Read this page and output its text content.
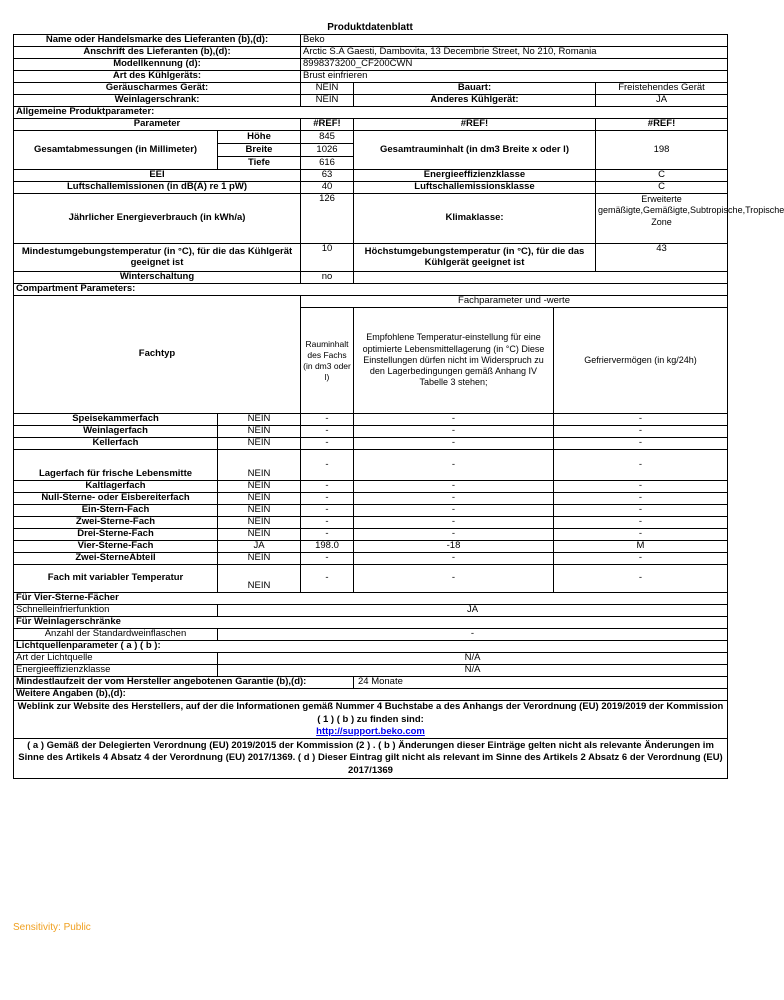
Produktdatenblatt
Name oder Handelsmarke des Lieferanten (b),(d):		Beko				
Anschrift des Lieferanten (b),(d):		Arctic S.A Gaesti, Dambovita, 13 Decembrie Street, No 210, Romania				
Modellkennung (d):		8998373200_CF200CWN				
Art des Kühlgeräts:		Brust einfrieren				
Geräuscharmes Gerät:		NEIN	Bauart:		Freistehendes Gerät	
Weinlagerschrank:		NEIN	Anderes Kühlgerät:		JA	
Allgemeine Produktparameter:						
Parameter		#REF!	#REF!		#REF!	
Gesamtabmessungen (in Millimeter)	Höhe	845	Gesamtrauminhalt (in dm3 Breite x oder l)		198	
	Breite	1026				
	Tiefe	616				
EEI		63	Energieeffizienzklasse		C	
Luftschallemissionen (in dB(A) re 1 pW)		40	Luftschallemissionsklasse		C	
Jährlicher Energieverbrauch (in kWh/a)		126	Klimaklasse:		Erweiterte gemäßigte,Gemäßigte,Subtropische,Tropische Zone	
Mindestumgebungstemperatur (in °C), für die das Kühlgerät geeignet ist		10	Höchstumgebungstemperatur (in °C), für die das Kühlgerät geeignet ist		43	
Winterschaltung		no				
Compartment Parameters:						
Fachtyp		Fachparameter und -werte				
		Rauminhalt des Fachs (in dm3 oder l)	Empfohlene Temperatur-einstellung für eine optimierte Lebensmittellagerung (in °C) Diese Einstellungen dürfen nicht im Widerspruch zu den Lagerbedingungen gemäß Anhang IV Tabelle 3 stehen;	Gefriervermögen (in kg/24h)	
Speisekammerfach	NEIN	-	-	-		
Weinlagerfach	NEIN	-	-	-		
Kellerfach	NEIN	-	-	-		
Lagerfach für frische Lebensmitte	NEIN	-	-	-		
Kaltlagerfach	NEIN	-	-	-		
Null-Sterne- oder Eisbereiterfach	NEIN	-	-	-		
Ein-Stern-Fach	NEIN	-	-	-		
Zwei-Sterne-Fach	NEIN	-	-	-		
Drei-Sterne-Fach	NEIN	-	-	-		
Vier-Sterne-Fach	JA	198.0	-18	M		
Zwei-SterneAbteil	NEIN	-	-	-		
Fach mit variabler Temperatur	NEIN	-	-	-		
Für Vier-Sterne-Fächer						
Schnelleinfrierfunktion	JA					
Für Weinlagerschränke						
Anzahl der Standardweinflaschen	-					
Lichtquellenparameter ( a ) ( b ):						
Art der Lichtquelle	N/A					
Energieeffizienzklasse	N/A					
Mindestlaufzeit der vom Hersteller angebotenen Garantie (b),(d):			24 Monate			
Weitere Angaben (b),(d):						
Weblink zur Website des Herstellers, auf der die Informationen gemäß Nummer 4 Buchstabe a des Anhangs der Verordnung (EU) 2019/2019 der Kommission ( 1 ) ( b ) zu finden sind:
http://support.beko.com						
( a ) Gemäß der Delegierten Verordnung (EU) 2019/2015 der Kommission (2 ) . ( b ) Änderungen dieser Einträge gelten nicht als relevante Änderungen im Sinne des Artikels 4 Absatz 4 der Verordnung (EU) 2017/1369. ( d ) Dieser Eintrag gilt nicht als relevant im Sinne des Artikels 2 Absatz 6 der Verordnung (EU) 2017/1369						
Sensitivity: Public
